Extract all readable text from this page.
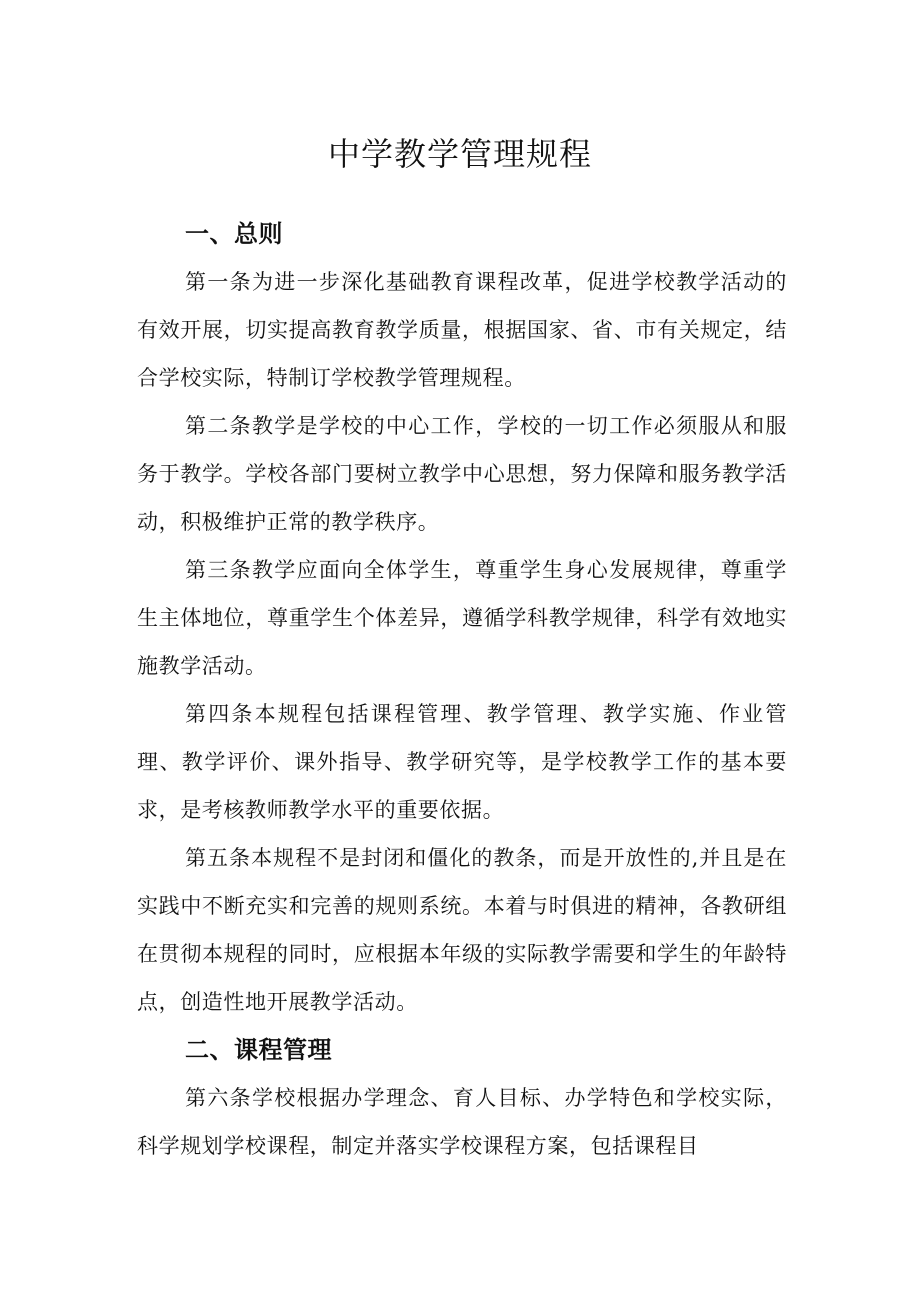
中学教学管理规程
一、总则

第一条为进一步深化基础教育课程改革，促进学校教学活动的有效开展，切实提高教育教学质量，根据国家、省、市有关规定，结合学校实际，特制订学校教学管理规程。

第二条教学是学校的中心工作，学校的一切工作必须服从和服务于教学。学校各部门要树立教学中心思想，努力保障和服务教学活动，积极维护正常的教学秩序。

第三条教学应面向全体学生，尊重学生身心发展规律，尊重学生主体地位，尊重学生个体差异，遵循学科教学规律，科学有效地实施教学活动。

第四条本规程包括课程管理、教学管理、教学实施、作业管理、教学评价、课外指导、教学研究等，是学校教学工作的基本要求，是考核教师教学水平的重要依据。

第五条本规程不是封闭和僵化的教条，而是开放性的,并且是在实践中不断充实和完善的规则系统。本着与时俱进的精神，各教研组在贯彻本规程的同时，应根据本年级的实际教学需要和学生的年龄特点，创造性地开展教学活动。

二、课程管理

第六条学校根据办学理念、育人目标、办学特色和学校实际，科学规划学校课程，制定并落实学校课程方案，包括课程目
